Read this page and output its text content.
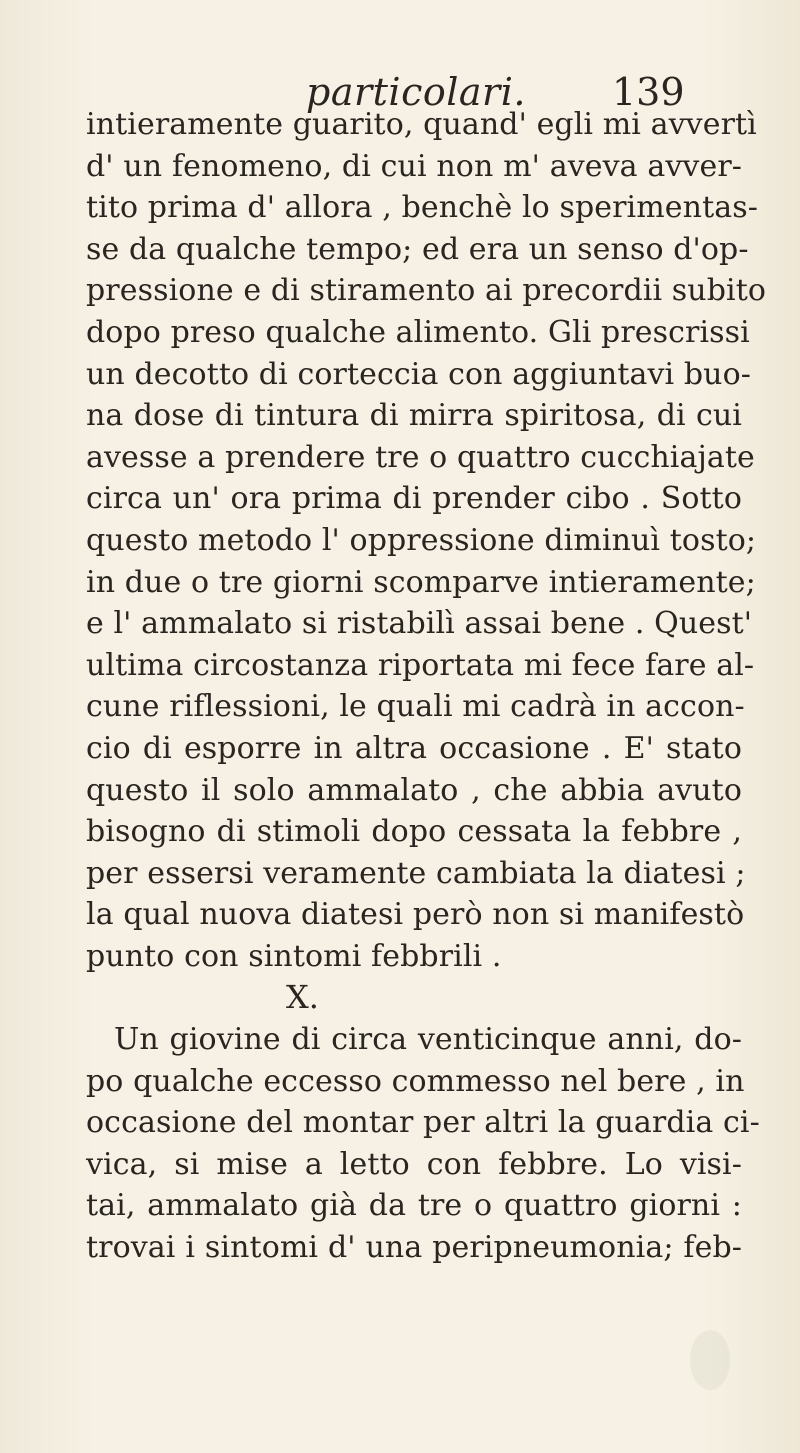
particolari. 139
intieramente guarito, quand' egli mi avvertì
d' un fenomeno, di cui non m' aveva avver-
tito prima d' allora , benchè lo sperimentas-
se da qualche tempo; ed era un senso d'op-
pressione e di stiramento ai precordii subito
dopo preso qualche alimento. Gli prescrissi
un decotto di corteccia con aggiuntavi buo-
na dose di tintura di mirra spiritosa, di cui
avesse a prendere tre o quattro cucchiajate
circa un' ora prima di prender cibo . Sotto
questo metodo l' oppressione diminuì tosto;
in due o tre giorni scomparve intieramente;
e l' ammalato si ristabilì assai bene . Quest'
ultima circostanza riportata mi fece fare al-
cune riflessioni, le quali mi cadrà in accon-
cio di esporre in altra occasione . E' stato
questo il solo ammalato , che abbia avuto
bisogno di stimoli dopo cessata la febbre ,
per essersi veramente cambiata la diatesi ;
la qual nuova diatesi però non si manifestò
punto con sintomi febbrili .
X.
Un giovine di circa venticinque anni, do-
po qualche eccesso commesso nel bere , in
occasione del montar per altri la guardia ci-
vica, si mise a letto con febbre. Lo visi-
tai, ammalato già da tre o quattro giorni :
trovai i sintomi d' una peripneumonia; feb-
